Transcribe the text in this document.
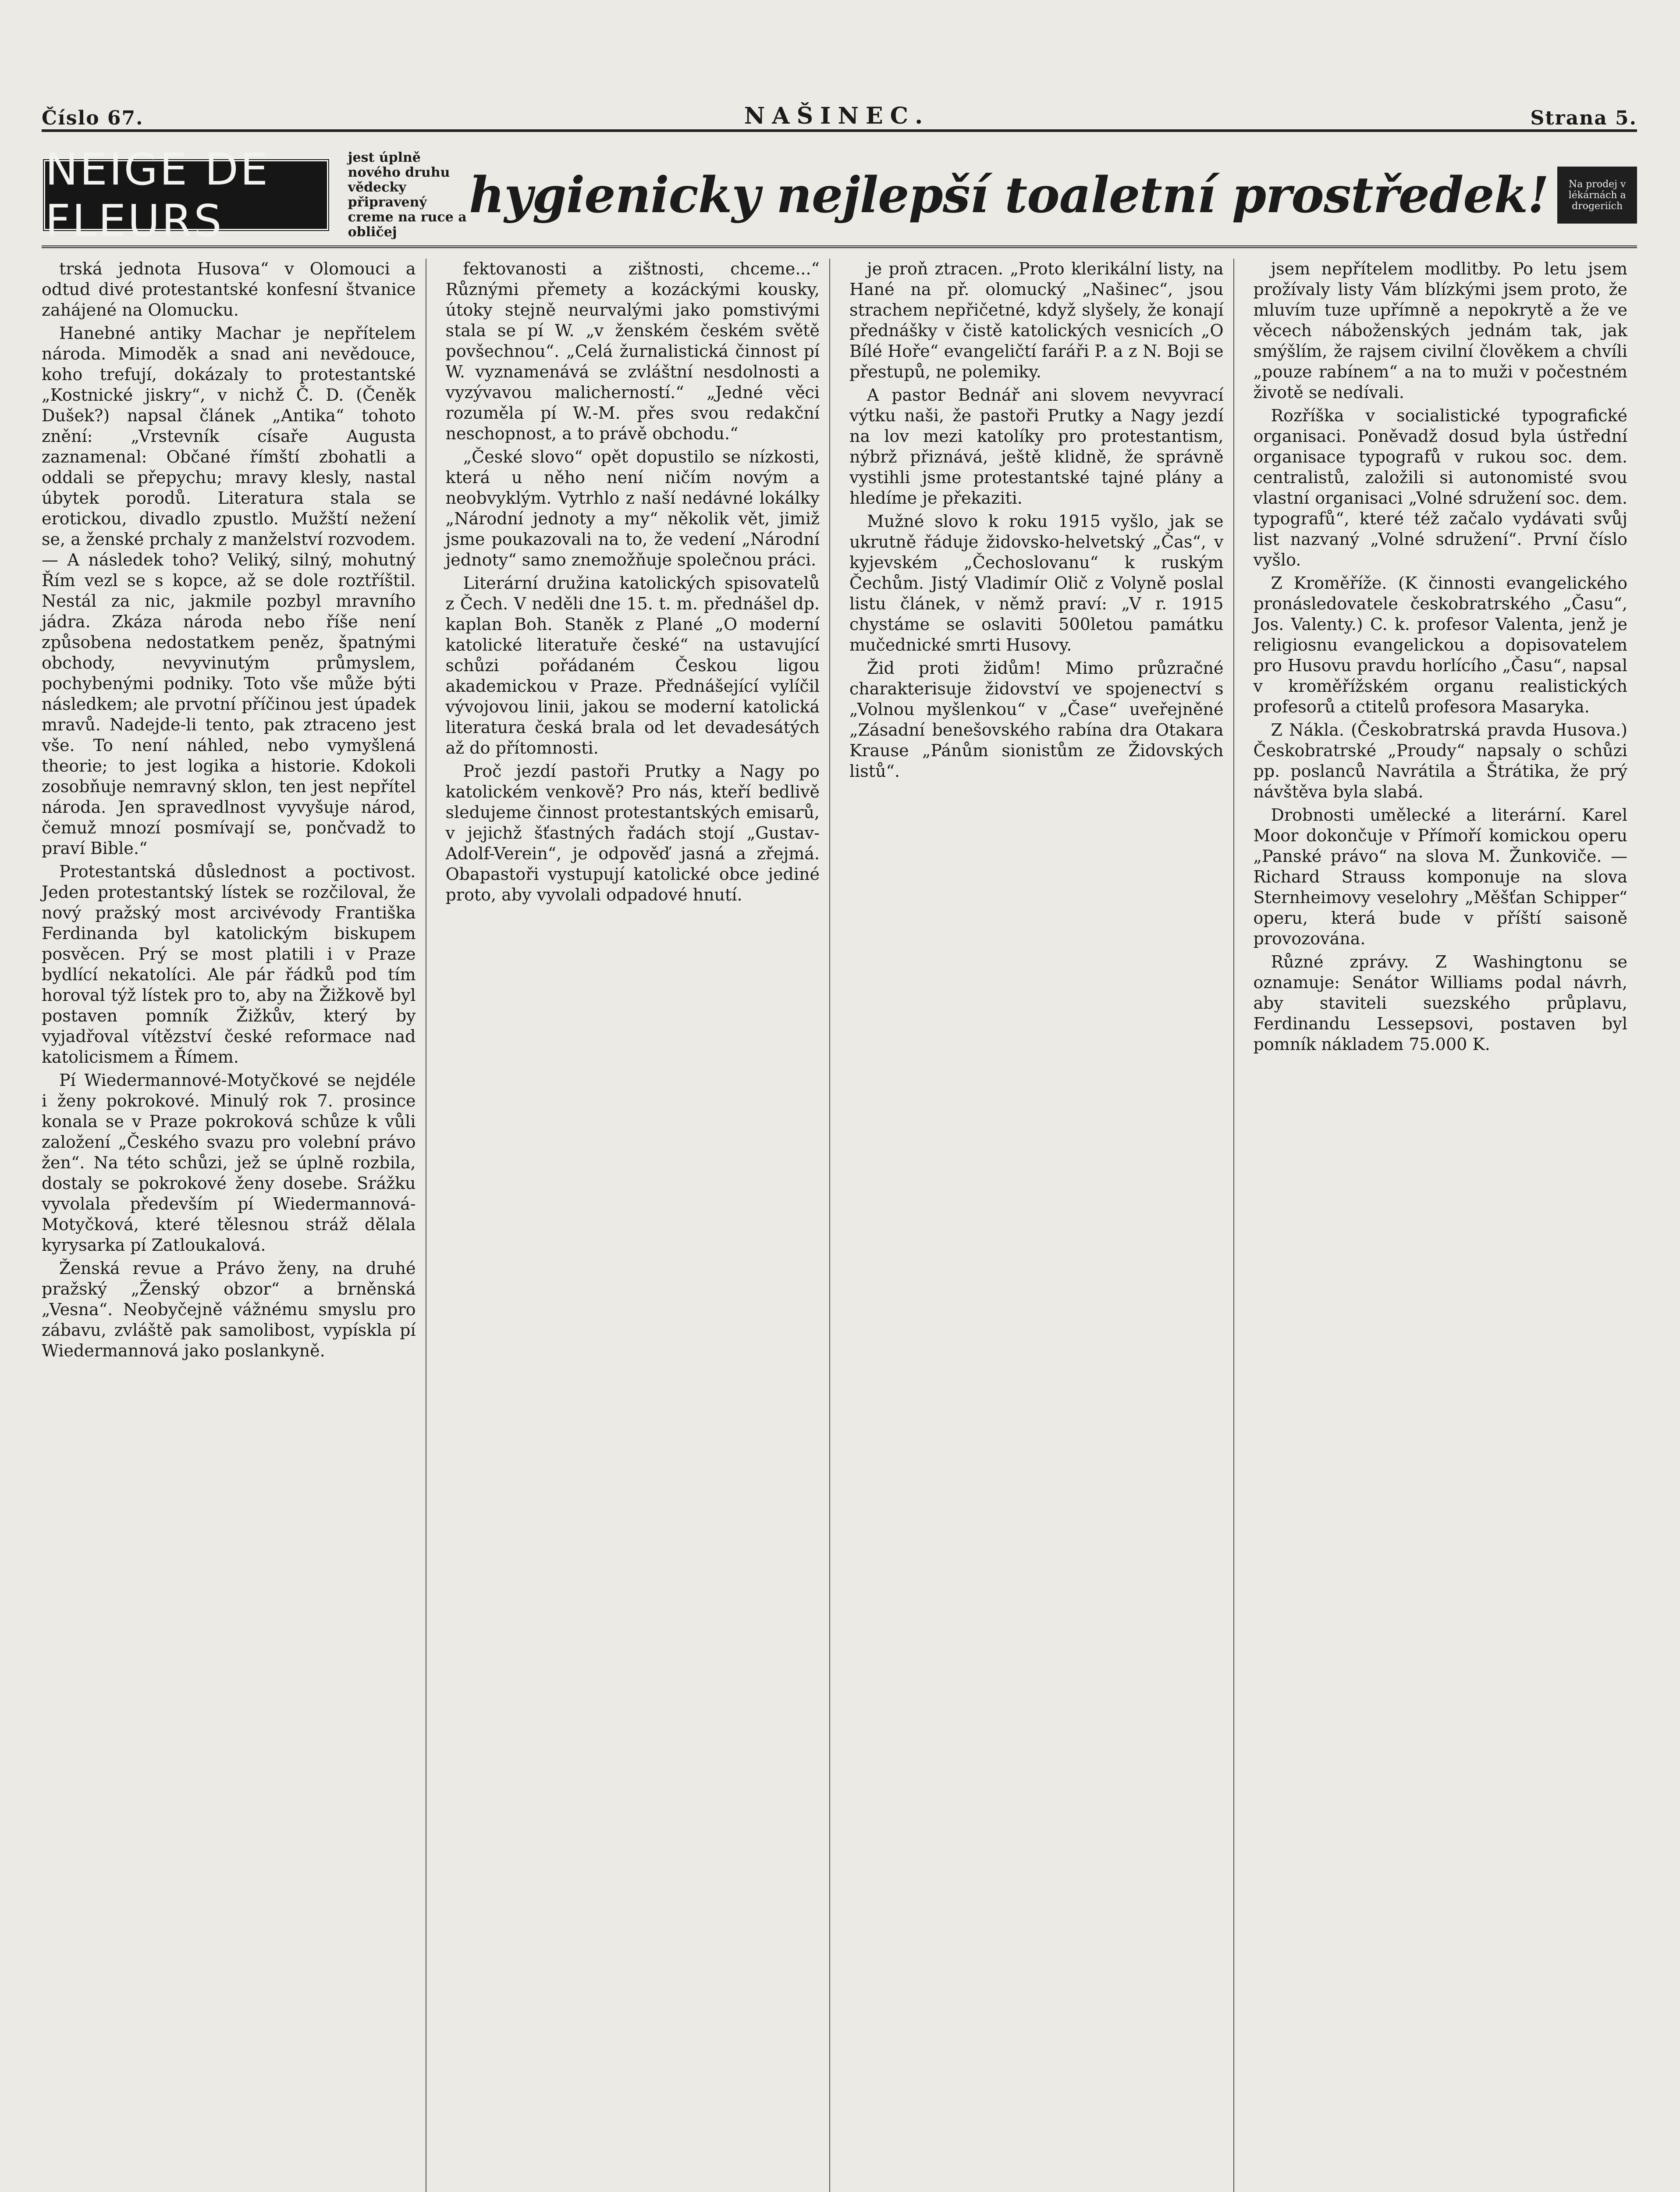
Číslo 67.	NAŠINEC.	Strana 5.
NEIGE DE FLEURS
jest úplně nového druhu vědecky připravený creme na ruce a obličej
hygienicky nejlepší toaletní prostředek!	Na prodej v lékárnách a drogeriích

trská jednota Husova“ v Olomouci a odtud divé protestantské konfesní štvanice zahájené na Olomucku.

Hanebné antiky Machar je nepřítelem národa. Mimoděk a snad ani nevědouce, koho trefují, dokázaly to protestantské „Kostnické jiskry“, v nichž Č. D. (Čeněk Dušek?) napsal článek „Antika“ tohoto znění: „Vrstevník císaře Augusta zaznamenal: Občané římští zbohatli a oddali se přepychu; mravy klesly, nastal úbytek porodů. Literatura stala se erotickou, divadlo zpustlo. Mužští nežení se, a ženské prchaly z manželství rozvodem. — A následek toho? Veliký, silný, mohutný Řím vezl se s kopce, až se dole roztříštil. Nestál za nic, jakmile pozbyl mravního jádra. Zkáza národa nebo říše není způsobena nedostatkem peněz, špatnými obchody, nevyvinutým průmyslem, pochybenými podniky. Toto vše může býti následkem; ale prvotní příčinou jest úpadek mravů. Nadejde-li tento, pak ztraceno jest vše. To není náhled, nebo vymyšlená theorie; to jest logika a historie. Kdokoli zosobňuje nemravný sklon, ten jest nepřítel národa. Jen spravedlnost vyvyšuje národ, čemuž mnozí posmívají se, pončvadž to praví Bible.“

Protestantská důslednost a poctivost. Jeden protestantský lístek se rozčiloval, že nový pražský most arcivévody Františka Ferdinanda byl katolickým biskupem posvěcen. Prý se most platili i v Praze bydlící nekatolíci. Ale pár řádků pod tím horoval týž lístek pro to, aby na Žižkově byl postaven pomník Žižkův, který by vyjadřoval vítězství české reformace nad katolicismem a Římem.

Pí Wiedermannové-Motyčkové se nejdéle i ženy pokrokové. Minulý rok 7. prosince konala se v Praze pokroková schůze k vůli založení „Českého svazu pro volební právo žen“. Na této schůzi, jež se úplně rozbila, dostaly se pokrokové ženy dosebe. Srážku vyvolala především pí Wiedermannová-Motyčková, které tělesnou stráž dělala kyrysarka pí Zatloukalová.

Ženská revue a Právo ženy, na druhé pražský „Ženský obzor“ a brněnská „Vesna“. Neobyčejně vážnému smyslu pro zábavu, zvláště pak samolibost, vypískla pí Wiedermannová jako poslankyně.

fektovanosti a zištnosti, chceme...“ Různými přemety a kozáckými kousky, útoky stejně neurvalými jako pomstivými stala se pí W. „v ženském českém světě povšechnou“. „Celá žurnalistická činnost pí W. vyznamenává se zvláštní nesdolnosti a vyzývavou malicherností.“ „Jedné věci rozuměla pí W.-M. přes svou redakční neschopnost, a to právě obchodu.“

„České slovo“ opět dopustilo se nízkosti, která u něho není ničím novým a neobvyklým. Vytrhlo z naší nedávné lokálky „Národní jednoty a my“ několik vět, jimiž jsme poukazovali na to, že vedení „Národní jednoty“ samo znemožňuje společnou práci.

Literární družina katolických spisovatelů z Čech. V neděli dne 15. t. m. přednášel dp. kaplan Boh. Staněk z Plané „O moderní katolické literatuře české“ na ustavující schůzi pořádaném Českou ligou akademickou v Praze. Přednášející vylíčil vývojovou linii, jakou se moderní katolická literatura česká brala od let devadesátých až do přítomnosti.

Proč jezdí pastoři Prutky a Nagy po katolickém venkově? Pro nás, kteří bedlivě sledujeme činnost protestantských emisarů, v jejichž šťastných řadách stojí „Gustav-Adolf-Verein“, je odpověď jasná a zřejmá. Obapastoři vystupují katolické obce jediné proto, aby vyvolali odpadové hnutí.

je proň ztracen. „Proto klerikální listy, na Hané na př. olomucký „Našinec“, jsou strachem nepřičetné, když slyšely, že konají přednášky v čistě katolických vesnicích „O Bílé Hoře“ evangeličtí faráři P. a z N. Boji se přestupů, ne polemiky.

A pastor Bednář ani slovem nevyvrací výtku naši, že pastoři Prutky a Nagy jezdí na lov mezi katolíky pro protestantism, nýbrž přiznává, ještě klidně, že správně vystihli jsme protestantské tajné plány a hledíme je překaziti.

Mužné slovo k roku 1915 vyšlo, jak se ukrutně řáduje židovsko-helvetský „Čas“, v kyjevském „Čechoslovanu“ k ruským Čechům. Jistý Vladimír Olič z Volyně poslal listu článek, v němž praví: „V r. 1915 chystáme se oslaviti 500letou památku mučednické smrti Husovy.

Žid proti židům! Mimo průzračné charakterisuje židovství ve spojenectví s „Volnou myšlenkou“ v „Čase“ uveřejněné „Zásadní benešovského rabína dra Otakara Krause „Pánům sionistům ze Židovských listů“.

jsem nepřítelem modlitby. Po letu jsem prožívaly listy Vám blízkými jsem proto, že mluvím tuze upřímně a nepokrytě a že ve věcech náboženských jednám tak, jak smýšlím, že rajsem civilní člověkem a chvíli „pouze rabínem“ a na to muži v počestném životě se nedívali.

Rozříška v socialistické typografické organisaci. Poněvadž dosud byla ústřední organisace typografů v rukou soc. dem. centralistů, založili si autonomisté svou vlastní organisaci „Volné sdružení soc. dem. typografů“, které též začalo vydávati svůj list nazvaný „Volné sdružení“. První číslo vyšlo.

Z Kroměříže. (K činnosti evangelického pronásledovatele českobratrského „Času“, Jos. Valenty.) C. k. profesor Valenta, jenž je religiosnu evangelickou a dopisovatelem pro Husovu pravdu horlícího „Času“, napsal v kroměřížském organu realistických profesorů a ctitelů profesora Masaryka.

Z Nákla. (Českobratrská pravda Husova.) Českobratrské „Proudy“ napsaly o schůzi pp. poslanců Navrátila a Štrátika, že prý návštěva byla slabá.

Drobnosti umělecké a literární. Karel Moor dokončuje v Přímoří komickou operu „Panské právo“ na slova M. Žunkoviče. — Richard Strauss komponuje na slova Sternheimovy veselohry „Měšťan Schipper“ operu, která bude v příští saisoně provozována.

Různé zprávy. Z Washingtonu se oznamuje: Senátor Williams podal návrh, aby staviteli suezského průplavu, Ferdinandu Lessepsovi, postaven byl pomník nákladem 75.000 K.
